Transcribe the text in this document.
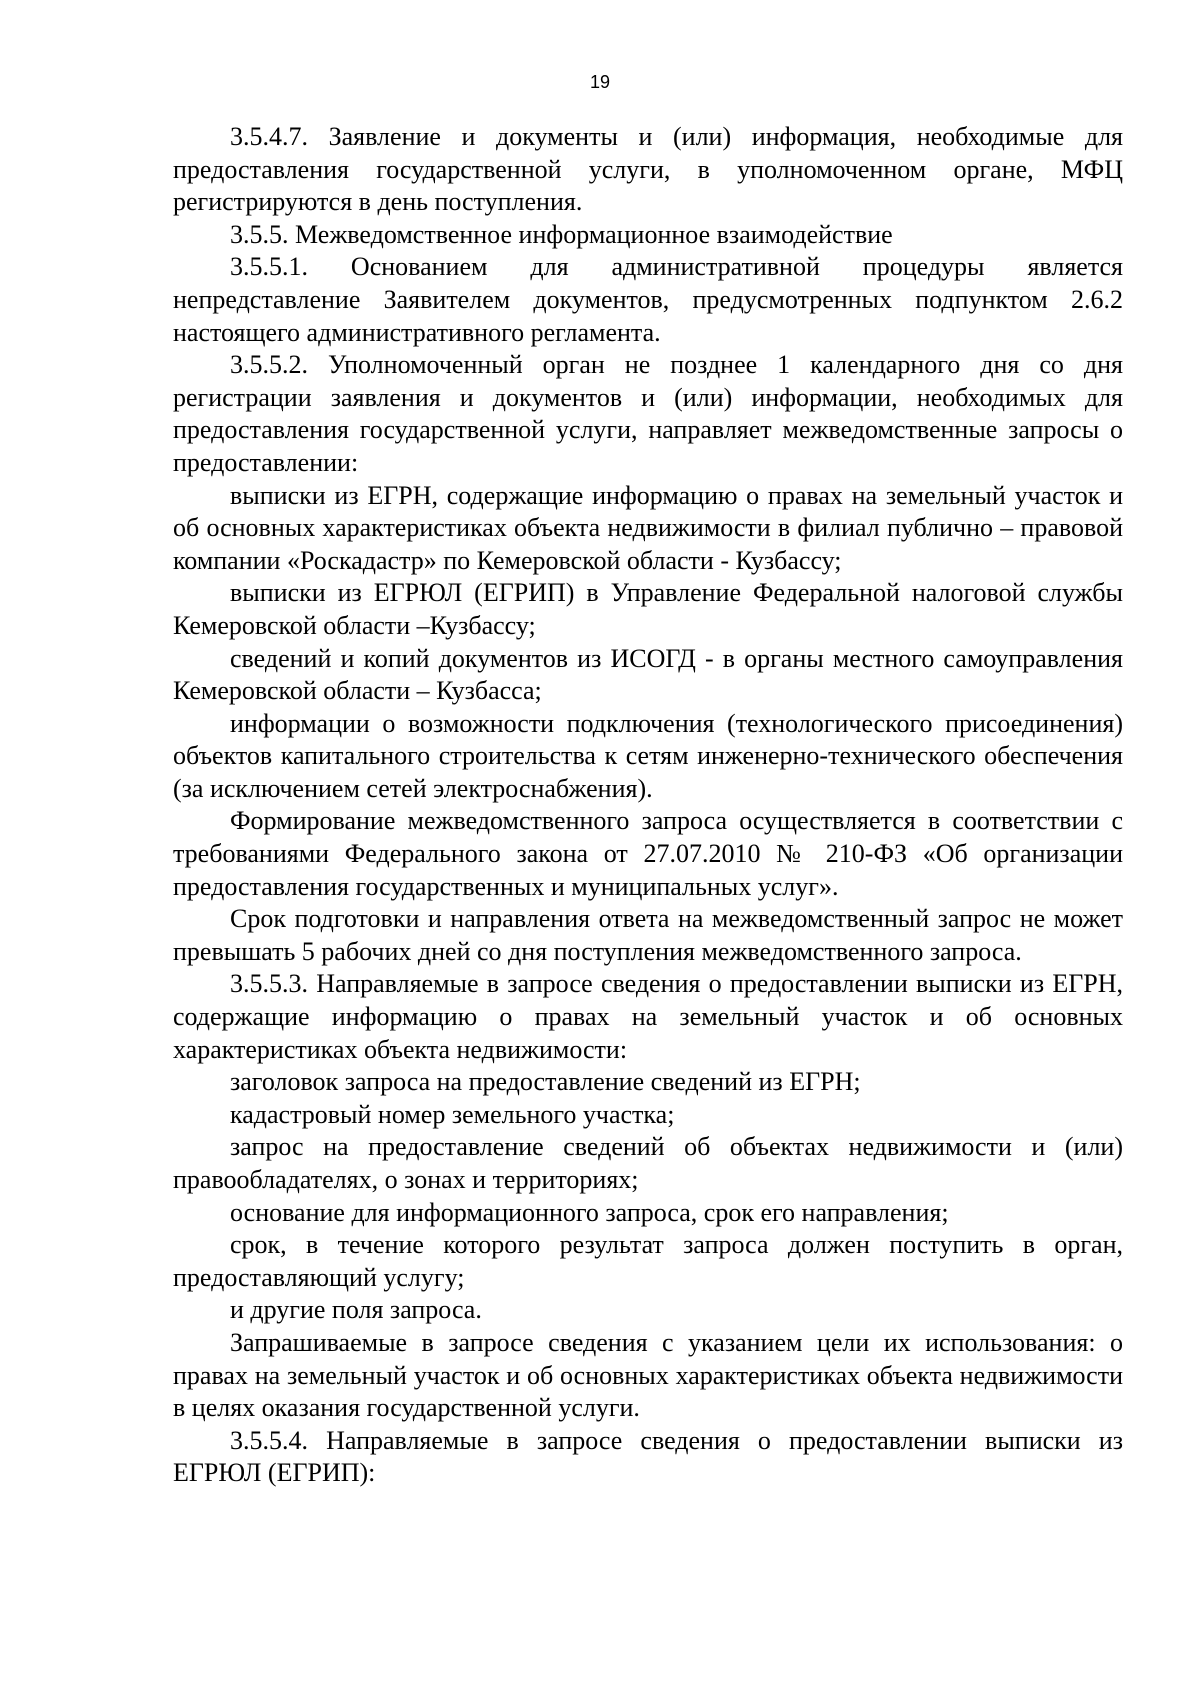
19

3.5.4.7. Заявление и документы и (или) информация, необходимые для предоставления государственной услуги, в уполномоченном органе, МФЦ регистрируются в день поступления.

3.5.5. Межведомственное информационное взаимодействие

3.5.5.1. Основанием для административной процедуры является непредставление Заявителем документов, предусмотренных подпунктом 2.6.2 настоящего административного регламента.

3.5.5.2. Уполномоченный орган не позднее 1 календарного дня со дня регистрации заявления и документов и (или) информации, необходимых для предоставления государственной услуги, направляет межведомственные запросы о предоставлении:

выписки из ЕГРН, содержащие информацию о правах на земельный участок и об основных характеристиках объекта недвижимости в филиал публично – правовой компании «Роскадастр» по Кемеровской области - Кузбассу;

выписки из ЕГРЮЛ (ЕГРИП) в Управление Федеральной налоговой службы Кемеровской области –Кузбассу;

сведений и копий документов из ИСОГД - в органы местного самоуправления Кемеровской области – Кузбасса;

информации о возможности подключения (технологического присоединения) объектов капитального строительства к сетям инженерно-технического обеспечения (за исключением сетей электроснабжения).

Формирование межведомственного запроса осуществляется в соответствии с требованиями Федерального закона от 27.07.2010 № 210-ФЗ «Об организации предоставления государственных и муниципальных услуг».

Срок подготовки и направления ответа на межведомственный запрос не может превышать 5 рабочих дней со дня поступления межведомственного запроса.

3.5.5.3. Направляемые в запросе сведения о предоставлении выписки из ЕГРН, содержащие информацию о правах на земельный участок и об основных характеристиках объекта недвижимости:

заголовок запроса на предоставление сведений из ЕГРН;

кадастровый номер земельного участка;

запрос на предоставление сведений об объектах недвижимости и (или) правообладателях, о зонах и территориях;

основание для информационного запроса, срок его направления;

срок, в течение которого результат запроса должен поступить в орган, предоставляющий услугу;

и другие поля запроса.

Запрашиваемые в запросе сведения с указанием цели их использования: о правах на земельный участок и об основных характеристиках объекта недвижимости в целях оказания государственной услуги.

3.5.5.4. Направляемые в запросе сведения о предоставлении выписки из ЕГРЮЛ (ЕГРИП):
